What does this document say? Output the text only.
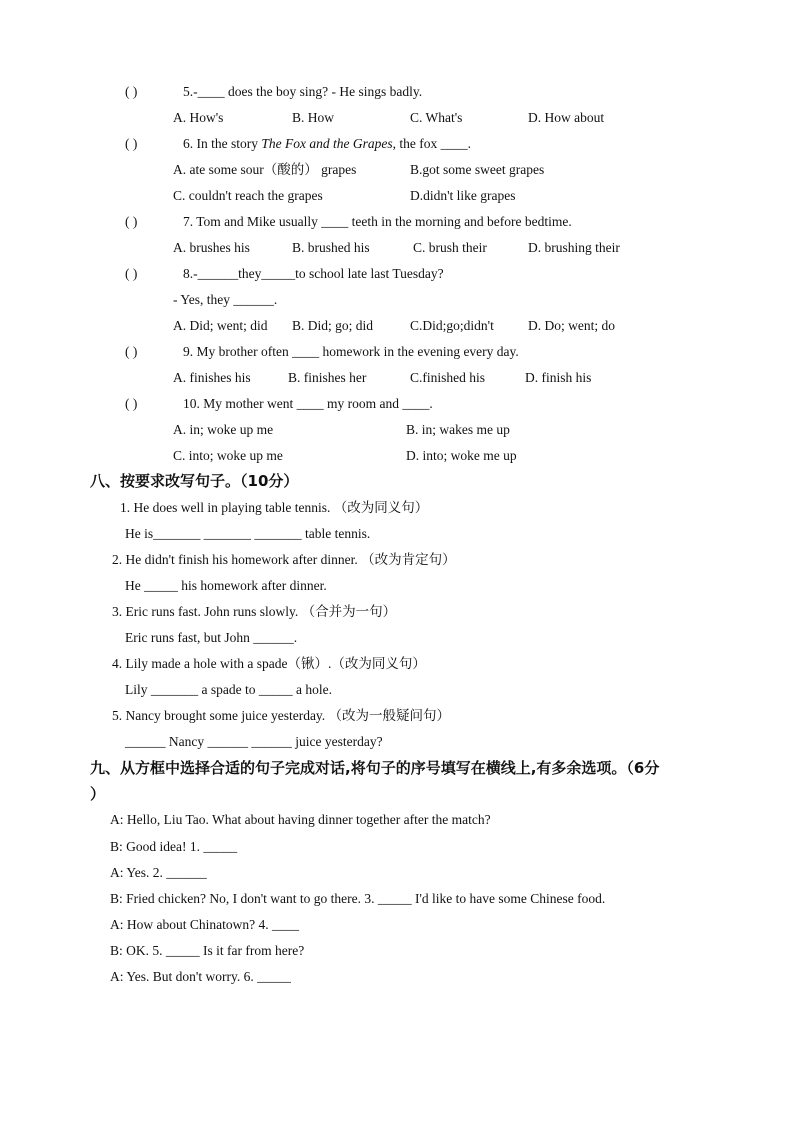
( )	5.-____ does the boy sing? - He sings badly.
A. How's	B. How	C. What's	D. How about
( )	6. In the story The Fox and the Grapes, the fox ____.
A. ate some sour（酸的） grapes	B.got some sweet grapes
C. couldn't reach the grapes	D.didn't like grapes
( )	7. Tom and Mike usually ____ teeth in the morning and before bedtime.
A. brushes his	B. brushed his	C. brush their	D. brushing their
( )	8.-______they_____to school late last Tuesday?
- Yes, they ______.
A. Did; went; did B. Did; go; did	C.Did;go;didn't	D. Do; went; do
( )	9. My brother often ____ homework in the evening every day.
A. finishes his	B. finishes her	C.finished his	D. finish his
( )	10. My mother went ____ my room and ____.
A. in; woke up me	B. in; wakes me up
C. into; woke up me	D. into; woke me up
八、按要求改写句子。（10分）
1. He does well in playing table tennis. （改为同义句）
He is_______ _______ _______ table tennis.
2. He didn't finish his homework after dinner. （改为肯定句）
He _____ his homework after dinner.
3. Eric runs fast. John runs slowly. （合并为一句）
Eric runs fast, but John ______.
4. Lily made a hole with a spade（锹）.（改为同义句）
Lily _______ a spade to _____ a hole.
5. Nancy brought some juice yesterday. （改为一般疑问句）
______ Nancy ______ ______ juice yesterday?
九、从方框中选择合适的句子完成对话,将句子的序号填写在横线上,有多余选项。（6分
）
A: Hello, Liu Tao. What about having dinner together after the match?
B: Good idea! 1. _____
A: Yes. 2. ______
B: Fried chicken? No, I don't want to go there. 3. _____ I'd like to have some Chinese food.
A: How about Chinatown? 4. ____
B: OK. 5. _____ Is it far from here?
A: Yes. But don't worry. 6. _____
